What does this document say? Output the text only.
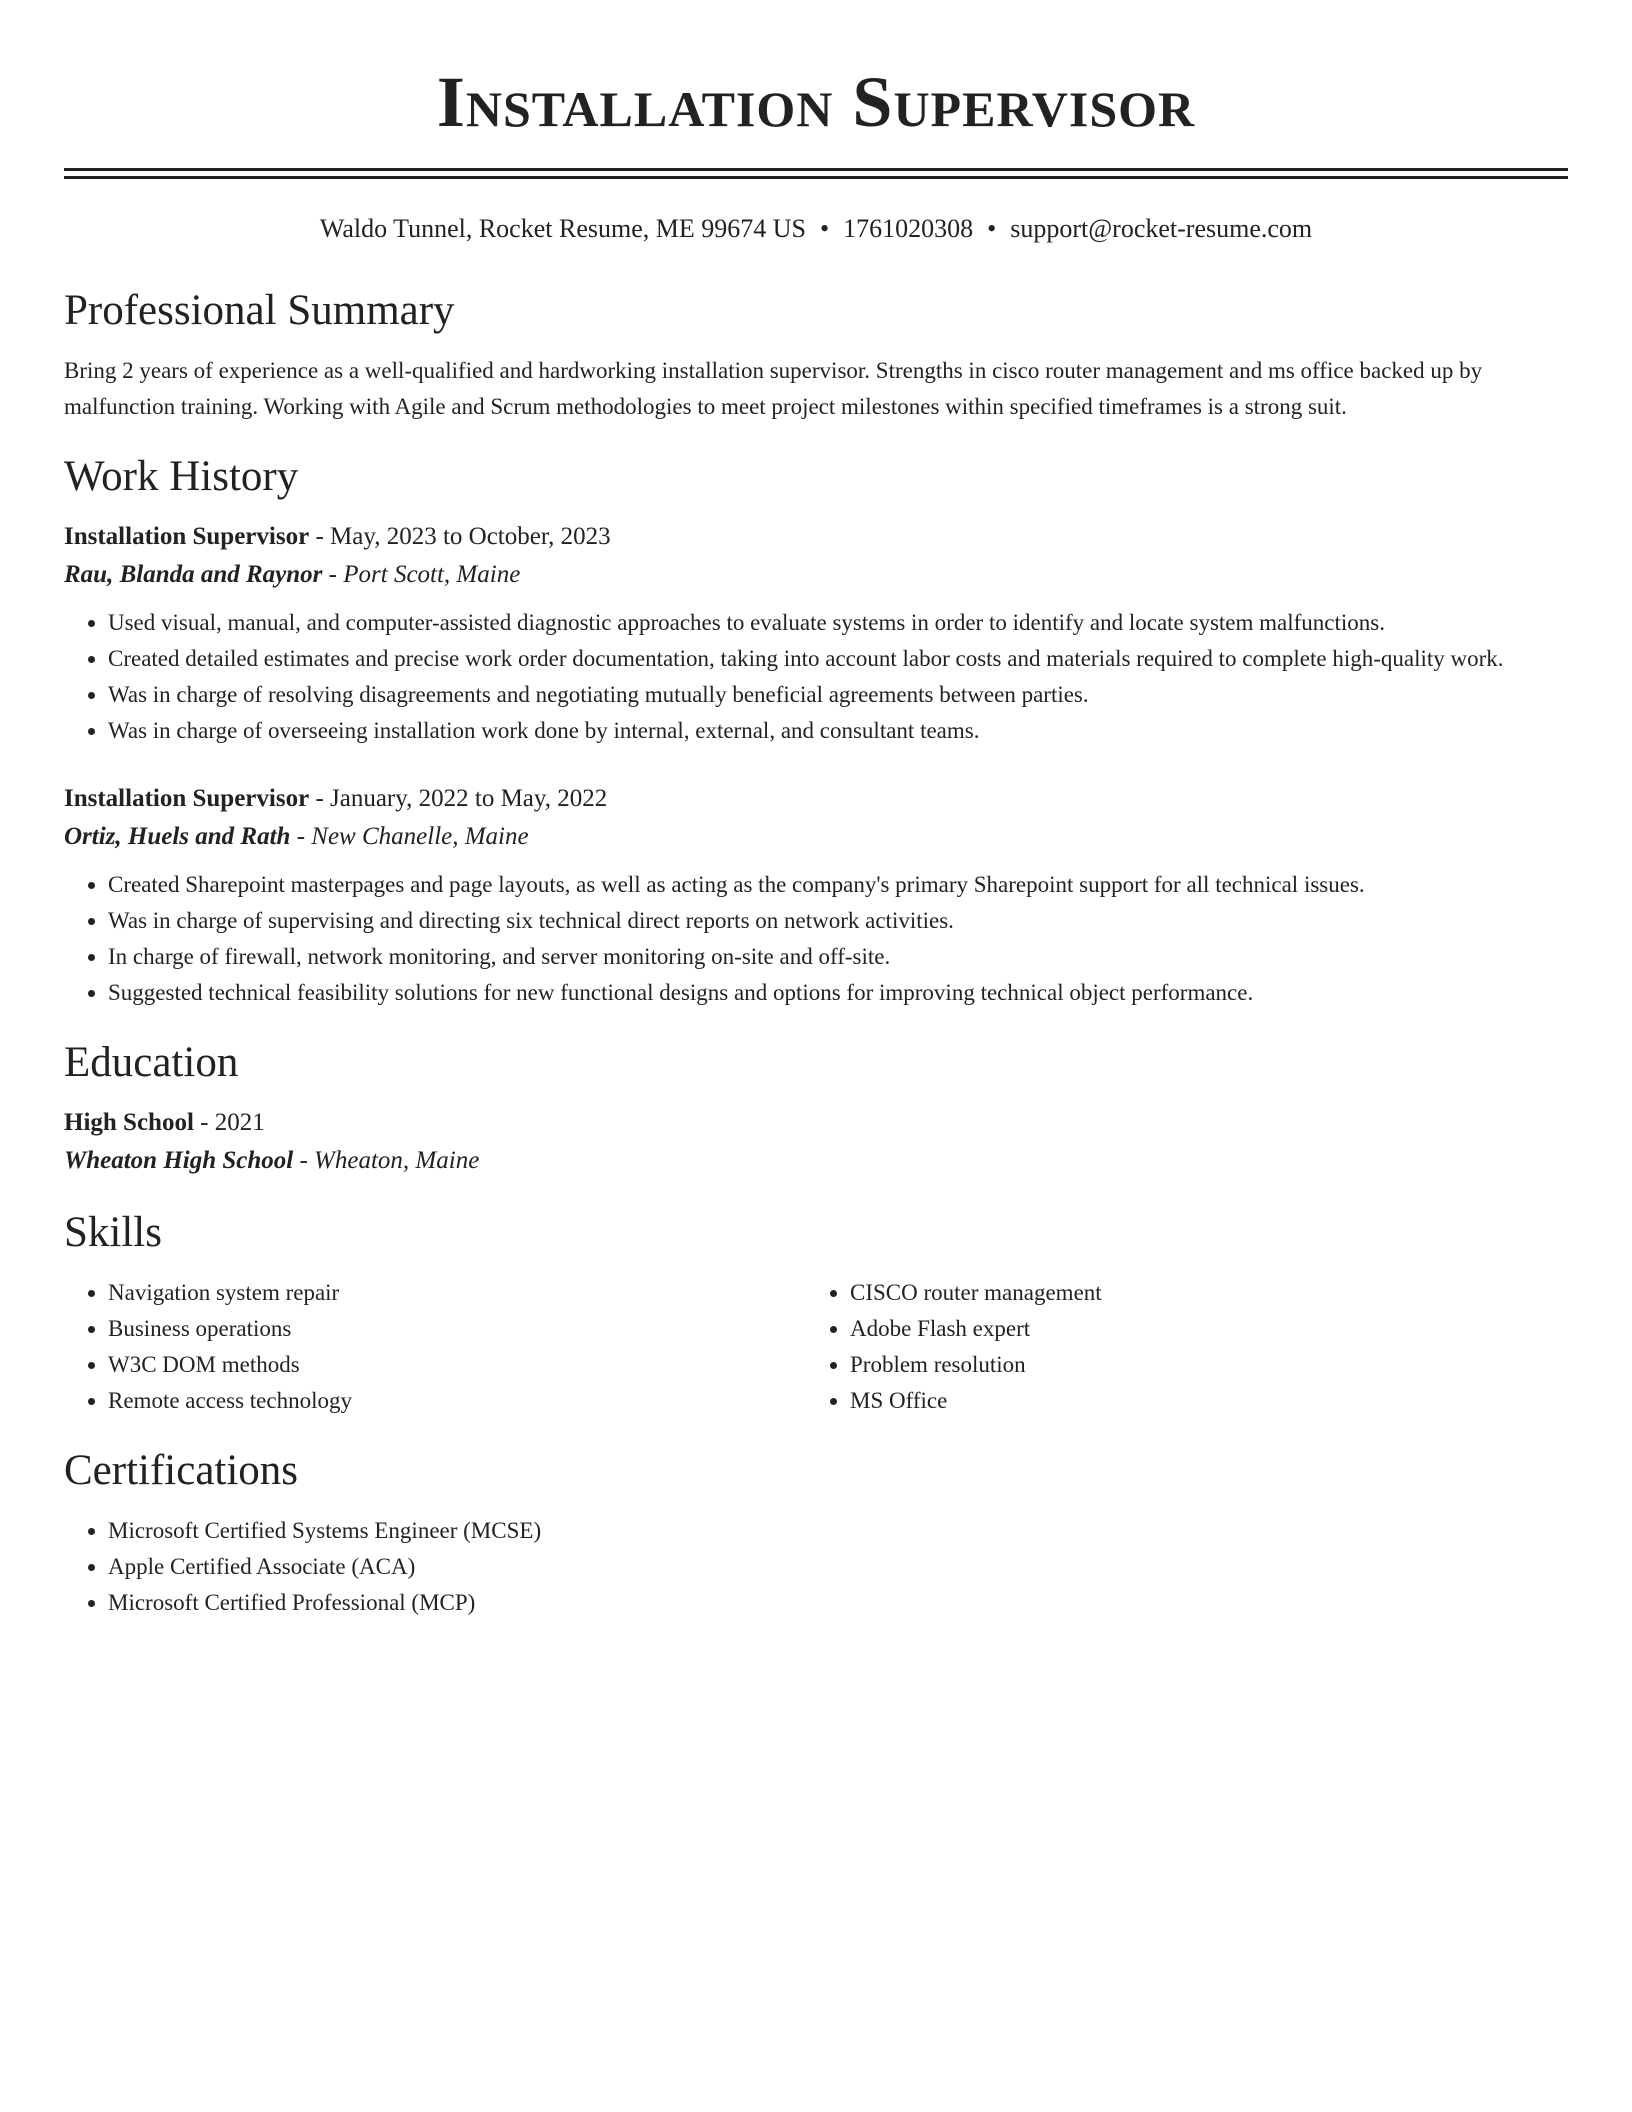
Installation Supervisor
Waldo Tunnel, Rocket Resume, ME 99674 US • 1761020308 • support@rocket-resume.com
Professional Summary

Bring 2 years of experience as a well-qualified and hardworking installation supervisor. Strengths in cisco router management and ms office backed up by malfunction training. Working with Agile and Scrum methodologies to meet project milestones within specified timeframes is a strong suit.

Work History
Installation Supervisor - May, 2023 to October, 2023
Rau, Blanda and Raynor - Port Scott, Maine
• Used visual, manual, and computer-assisted diagnostic approaches to evaluate systems in order to identify and locate system malfunctions.
• Created detailed estimates and precise work order documentation, taking into account labor costs and materials required to complete high-quality work.
• Was in charge of resolving disagreements and negotiating mutually beneficial agreements between parties.
• Was in charge of overseeing installation work done by internal, external, and consultant teams.
Installation Supervisor - January, 2022 to May, 2022
Ortiz, Huels and Rath - New Chanelle, Maine
• Created Sharepoint masterpages and page layouts, as well as acting as the company's primary Sharepoint support for all technical issues.
• Was in charge of supervising and directing six technical direct reports on network activities.
• In charge of firewall, network monitoring, and server monitoring on-site and off-site.
• Suggested technical feasibility solutions for new functional designs and options for improving technical object performance.
Education
High School - 2021
Wheaton High School - Wheaton, Maine
Skills
• Navigation system repair
• Business operations
• W3C DOM methods
• Remote access technology
• CISCO router management
• Adobe Flash expert
• Problem resolution
• MS Office
Certifications
• Microsoft Certified Systems Engineer (MCSE)
• Apple Certified Associate (ACA)
• Microsoft Certified Professional (MCP)
